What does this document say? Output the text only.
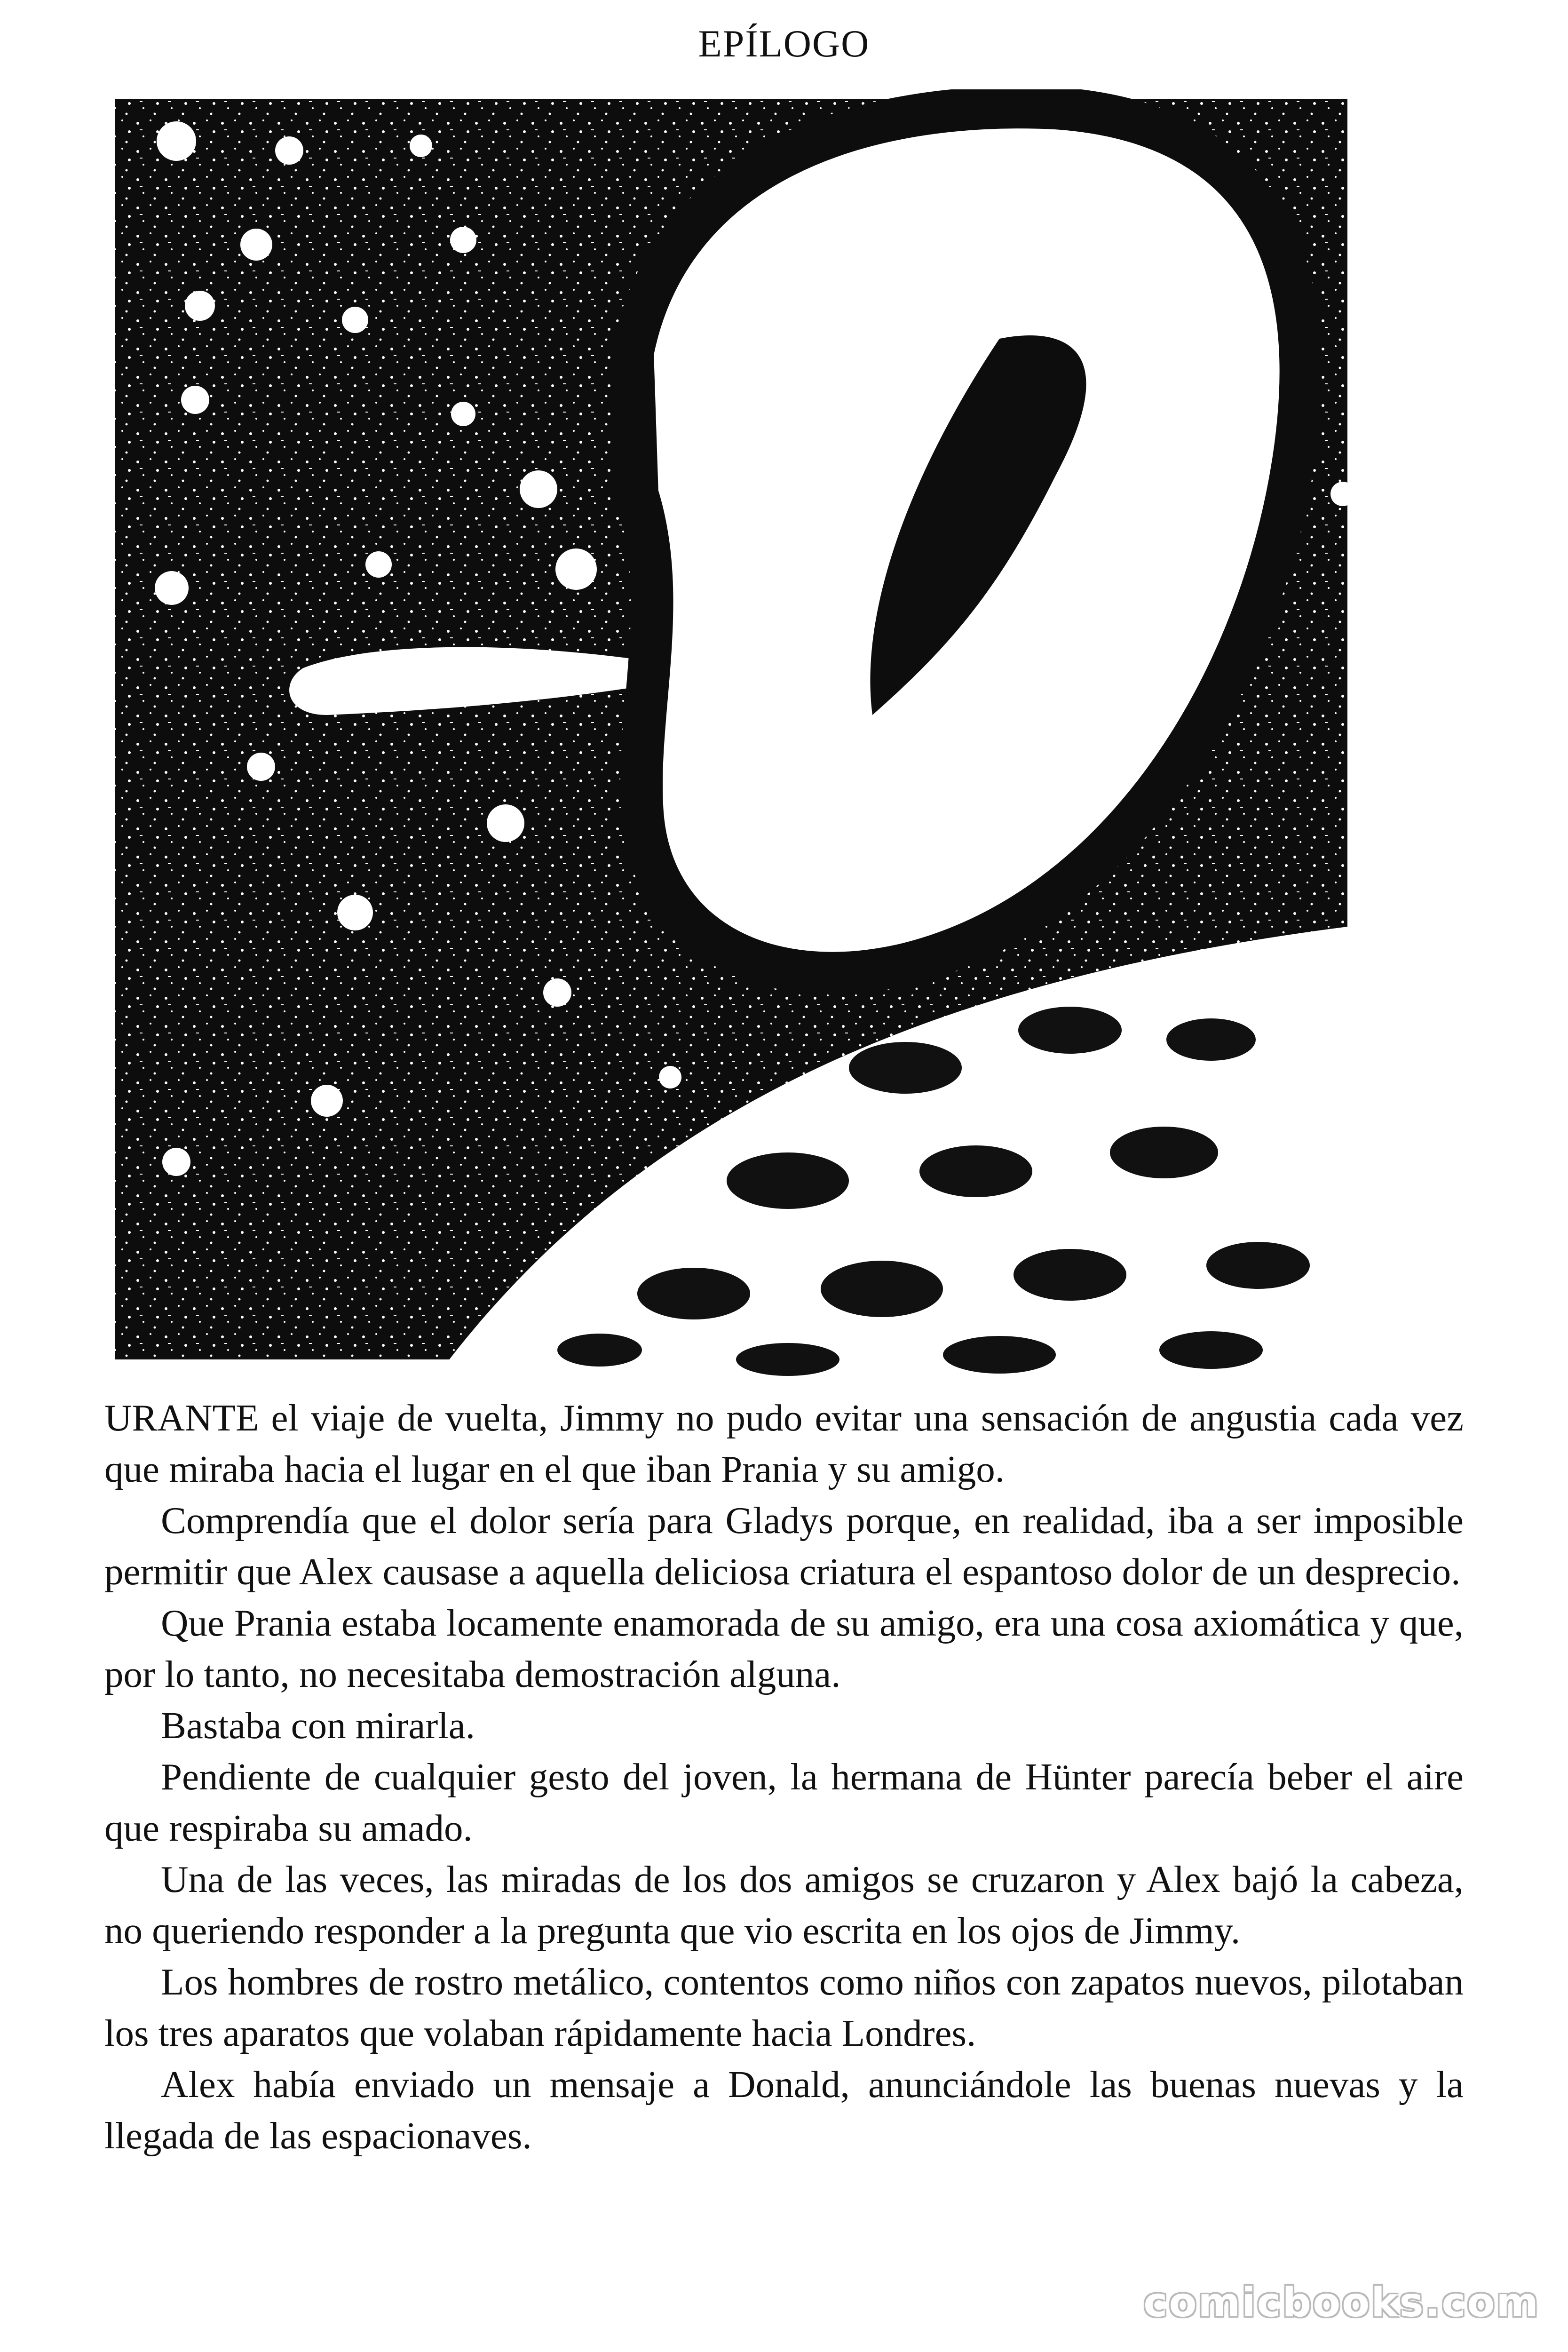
EPÍLOGO

URANTE el viaje de vuelta, Jimmy no pudo evitar una sensación de angustia cada vez que miraba hacia el lugar en el que iban Prania y su amigo.

Comprendía que el dolor sería para Gladys porque, en realidad, iba a ser imposible permitir que Alex causase a aquella deliciosa criatura el espantoso dolor de un desprecio.

Que Prania estaba locamente enamorada de su amigo, era una cosa axiomática y que, por lo tanto, no necesitaba demostración alguna.

Bastaba con mirarla.

Pendiente de cualquier gesto del joven, la hermana de Hünter parecía beber el aire que respiraba su amado.

Una de las veces, las miradas de los dos amigos se cruzaron y Alex bajó la cabeza, no queriendo responder a la pregunta que vio escrita en los ojos de Jimmy.

Los hombres de rostro metálico, contentos como niños con zapatos nuevos, pilotaban los tres aparatos que volaban rápidamente hacia Londres.

Alex había enviado un mensaje a Donald, anunciándole las buenas nuevas y la llegada de las espacionaves.

comicbooks.com
